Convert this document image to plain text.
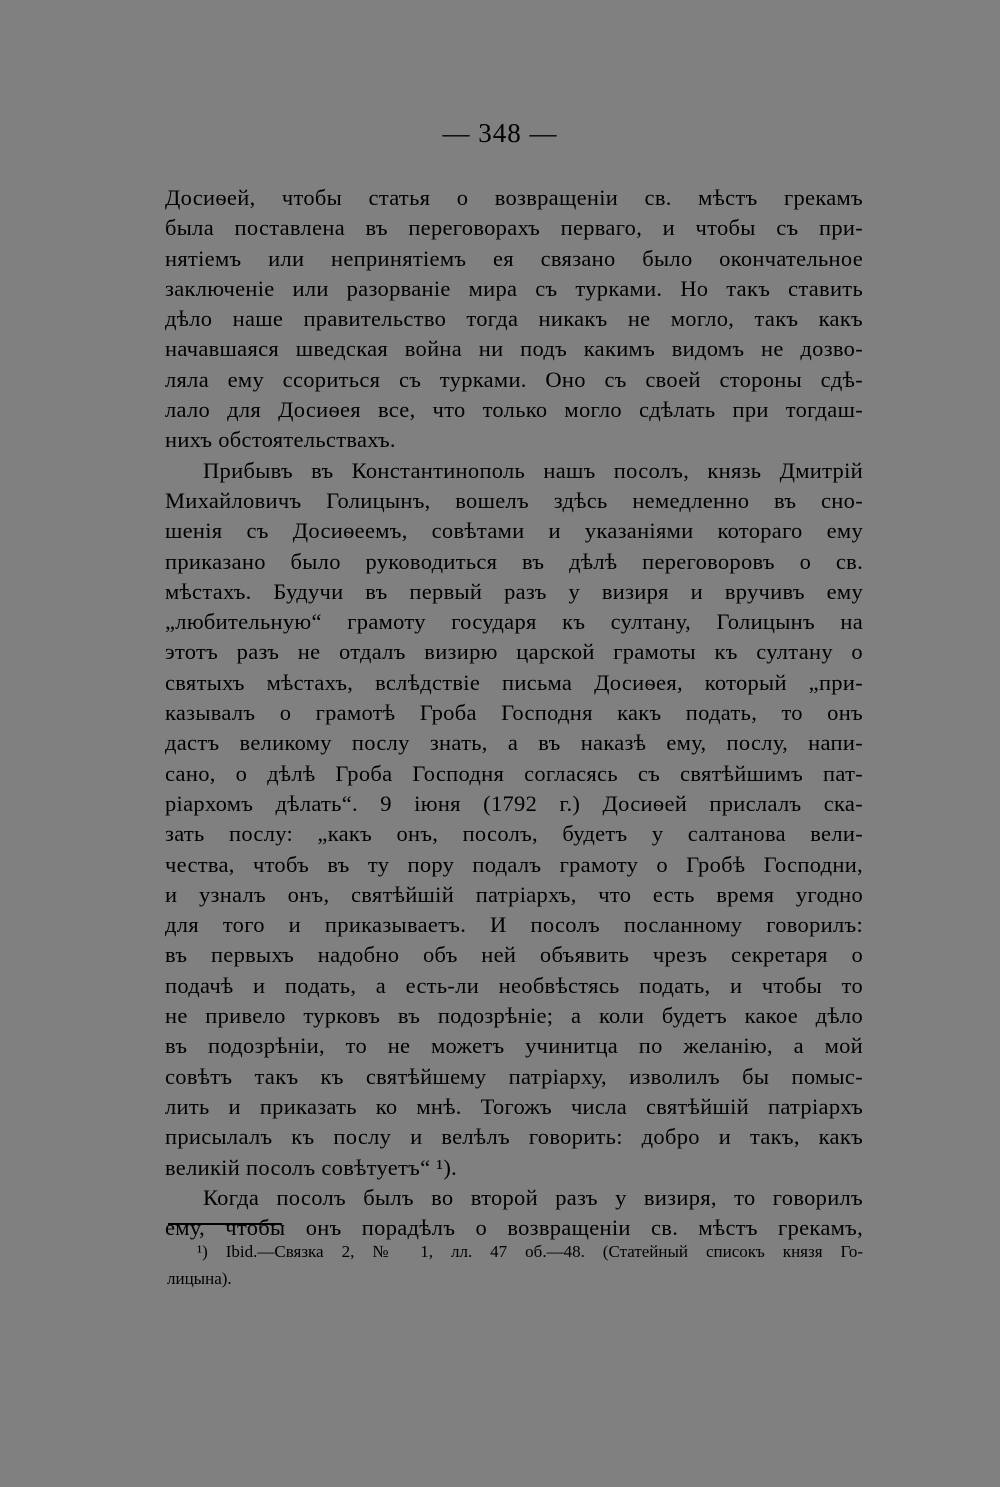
— 348 —
Досиѳей, чтобы статья о возвращеніи св. мѣстъ грекамъ
была поставлена въ переговорахъ перваго, и чтобы съ при-
нятіемъ или непринятіемъ ея связано было окончательное
заключеніе или разорваніе мира съ турками. Но такъ ставить
дѣло наше правительство тогда никакъ не могло, такъ какъ
начавшаяся шведская война ни подъ какимъ видомъ не дозво-
ляла ему ссориться съ турками. Оно съ своей стороны сдѣ-
лало для Досиѳея все, что только могло сдѣлать при тогдаш-
нихъ обстоятельствахъ.
Прибывъ въ Константинополь нашъ посолъ, князь Дмитрій
Михайловичъ Голицынъ, вошелъ здѣсь немедленно въ сно-
шенія съ Досиѳеемъ, совѣтами и указаніями котораго ему
приказано было руководиться въ дѣлѣ переговоровъ о св.
мѣстахъ. Будучи въ первый разъ у визиря и вручивъ ему
„любительную“ грамоту государя къ султану, Голицынъ на
этотъ разъ не отдалъ визирю царской грамоты къ султану о
святыхъ мѣстахъ, вслѣдствіе письма Досиѳея, который „при-
казывалъ о грамотѣ Гроба Господня какъ подать, то онъ
дастъ великому послу знать, а въ наказѣ ему, послу, напи-
сано, о дѣлѣ Гроба Господня согласясь съ святѣйшимъ пат-
ріархомъ дѣлать“. 9 іюня (1792 г.) Досиѳей прислалъ ска-
зать послу: „какъ онъ, посолъ, будетъ у салтанова вели-
чества, чтобъ въ ту пору подалъ грамоту о Гробѣ Господни,
и узналъ онъ, святѣйшій патріархъ, что есть время угодно
для того и приказываетъ. И посолъ посланному говорилъ:
въ первыхъ надобно объ ней объявить чрезъ секретаря о
подачѣ и подать, а есть-ли необвѣстясь подать, и чтобы то
не привело турковъ въ подозрѣніе; а коли будетъ какое дѣло
въ подозрѣніи, то не можетъ учинитца по желанію, а мой
совѣтъ такъ къ святѣйшему патріарху, изволилъ бы помыс-
лить и приказать ко мнѣ. Тогожъ числа святѣйшій патріархъ
присылалъ къ послу и велѣлъ говорить: добро и такъ, какъ
великій посолъ совѣтуетъ“ ¹).
Когда посолъ былъ во второй разъ у визиря, то говорилъ
ему, чтобы онъ порадѣлъ о возвращеніи св. мѣстъ грекамъ,
¹) Ibid.—Связка 2, № 1, лл. 47 об.—48. (Статейный списокъ князя Го-
лицына).
